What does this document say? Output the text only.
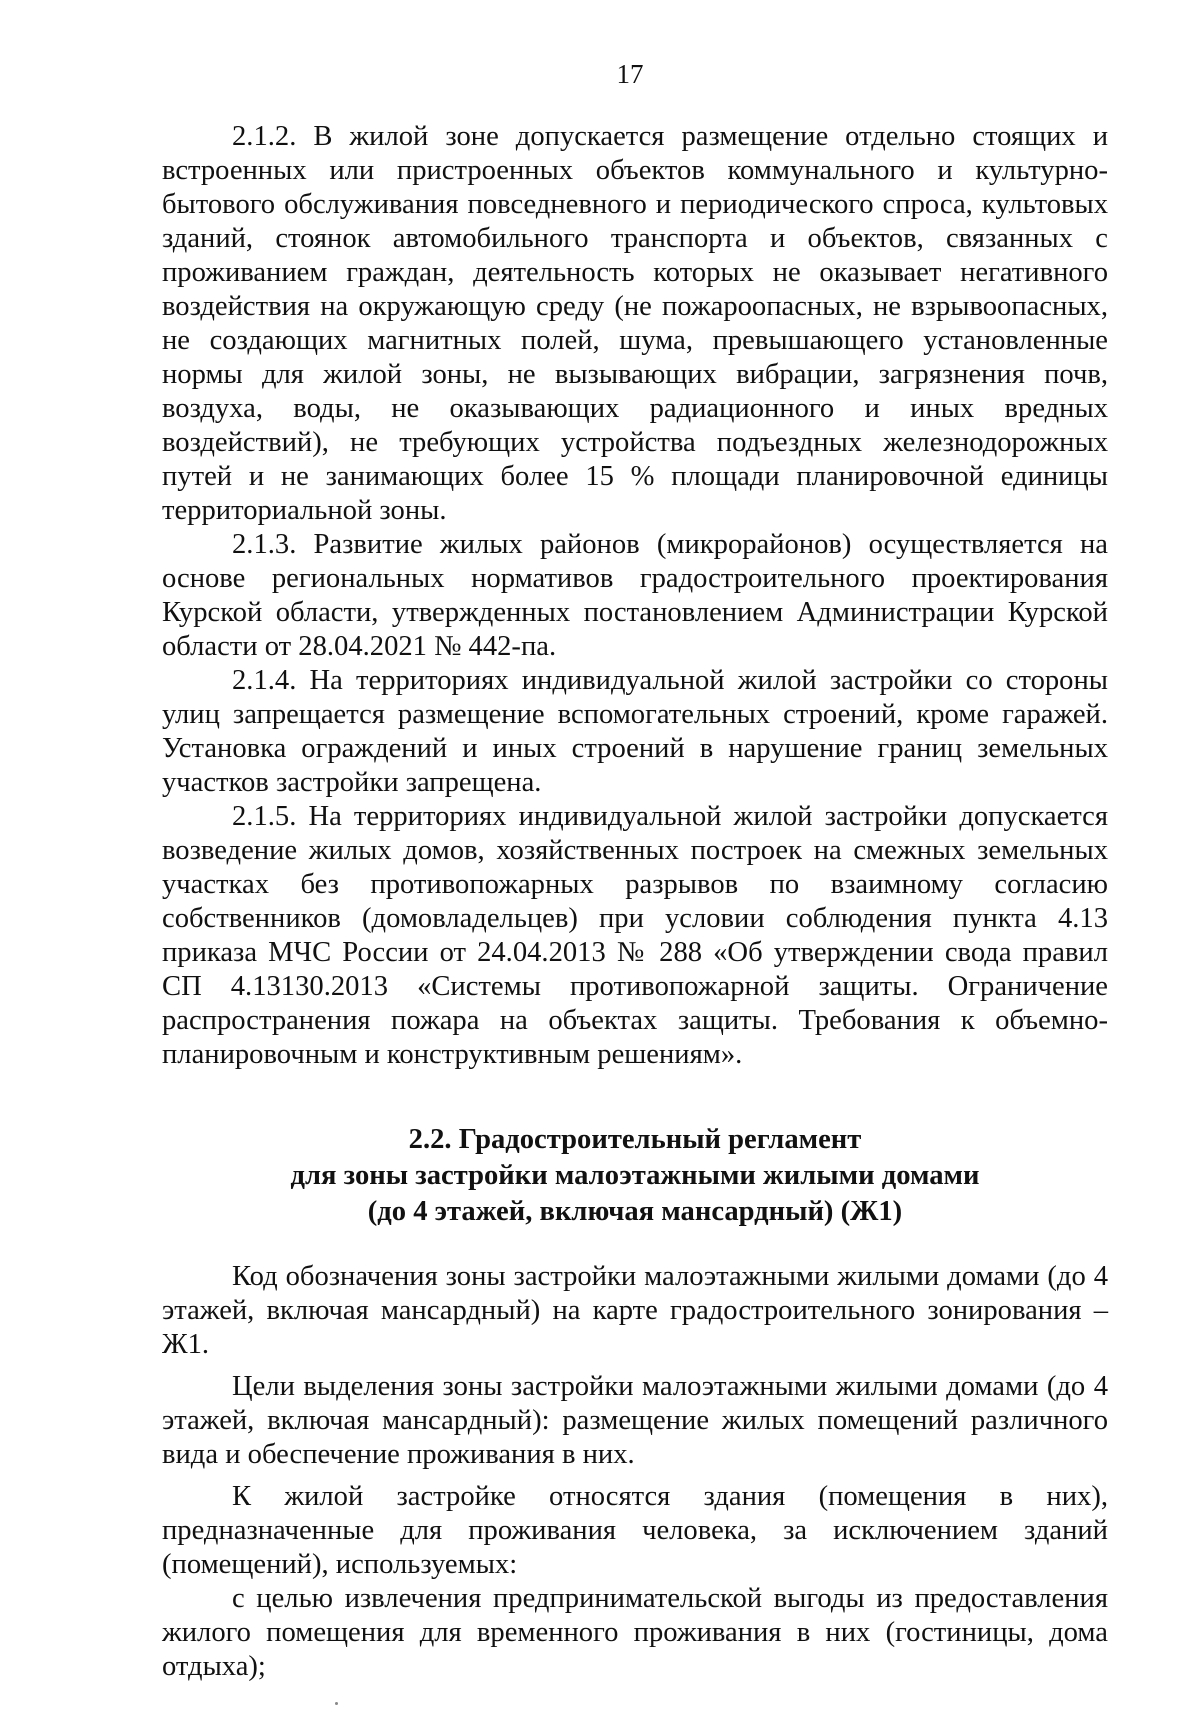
17

2.1.2. В жилой зоне допускается размещение отдельно стоящих и встроенных или пристроенных объектов коммунального и культурно-бытового обслуживания повседневного и периодического спроса, культовых зданий, стоянок автомобильного транспорта и объектов, связанных с проживанием граждан, деятельность которых не оказывает негативного воздействия на окружающую среду (не пожароопасных, не взрывоопасных, не создающих магнитных полей, шума, превышающего установленные нормы для жилой зоны, не вызывающих вибрации, загрязнения почв, воздуха, воды, не оказывающих радиационного и иных вредных воздействий), не требующих устройства подъездных железнодорожных путей и не занимающих более 15 % площади планировочной единицы территориальной зоны.

2.1.3. Развитие жилых районов (микрорайонов) осуществляется на основе региональных нормативов градостроительного проектирования Курской области, утвержденных постановлением Администрации Курской области от 28.04.2021 № 442-па.

2.1.4. На территориях индивидуальной жилой застройки со стороны улиц запрещается размещение вспомогательных строений, кроме гаражей. Установка ограждений и иных строений в нарушение границ земельных участков застройки запрещена.

2.1.5. На территориях индивидуальной жилой застройки допускается возведение жилых домов, хозяйственных построек на смежных земельных участках без противопожарных разрывов по взаимному согласию собственников (домовладельцев) при условии соблюдения пункта 4.13 приказа МЧС России от 24.04.2013 № 288 «Об утверждении свода правил СП 4.13130.2013 «Системы противопожарной защиты. Ограничение распространения пожара на объектах защиты. Требования к объемно-планировочным и конструктивным решениям».

2.2. Градостроительный регламент
для зоны застройки малоэтажными жилыми домами
(до 4 этажей, включая мансардный) (Ж1)

Код обозначения зоны застройки малоэтажными жилыми домами (до 4 этажей, включая мансардный) на карте градостроительного зонирования – Ж1.

Цели выделения зоны застройки малоэтажными жилыми домами (до 4 этажей, включая мансардный): размещение жилых помещений различного вида и обеспечение проживания в них.

К жилой застройке относятся здания (помещения в них), предназначенные для проживания человека, за исключением зданий (помещений), используемых:

с целью извлечения предпринимательской выгоды из предоставления жилого помещения для временного проживания в них (гостиницы, дома отдыха);
